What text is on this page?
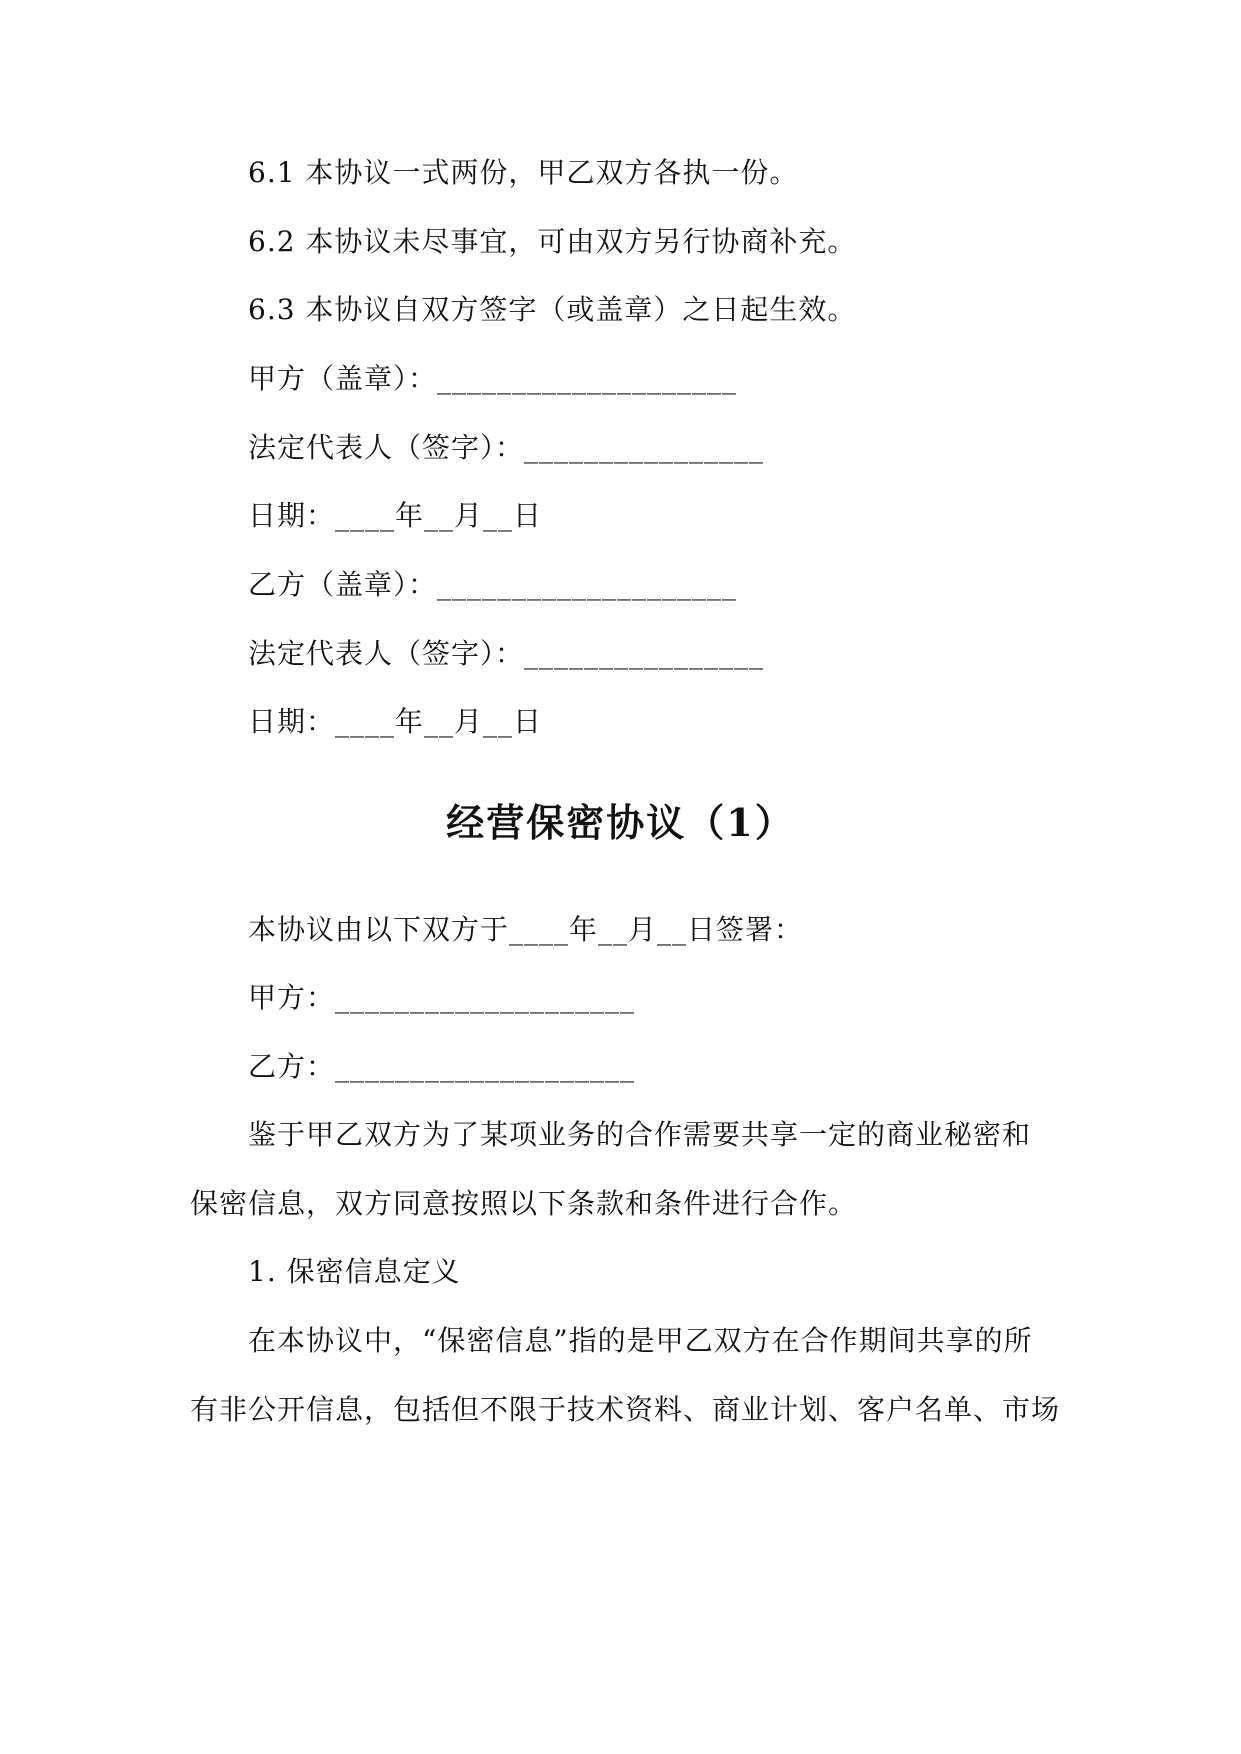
6.1 本协议一式两份，甲乙双方各执一份。
6.2 本协议未尽事宜，可由双方另行协商补充。
6.3 本协议自双方签字（或盖章）之日起生效。
甲方（盖章）：____________________
法定代表人（签字）：________________
日期：____年__月__日
乙方（盖章）：____________________
法定代表人（签字）：________________
日期：____年__月__日
经营保密协议（1）
本协议由以下双方于____年__月__日签署：
甲方：____________________
乙方：____________________
鉴于甲乙双方为了某项业务的合作需要共享一定的商业秘密和
保密信息，双方同意按照以下条款和条件进行合作。
1. 保密信息定义
在本协议中，“保密信息”指的是甲乙双方在合作期间共享的所
有非公开信息，包括但不限于技术资料、商业计划、客户名单、市场
